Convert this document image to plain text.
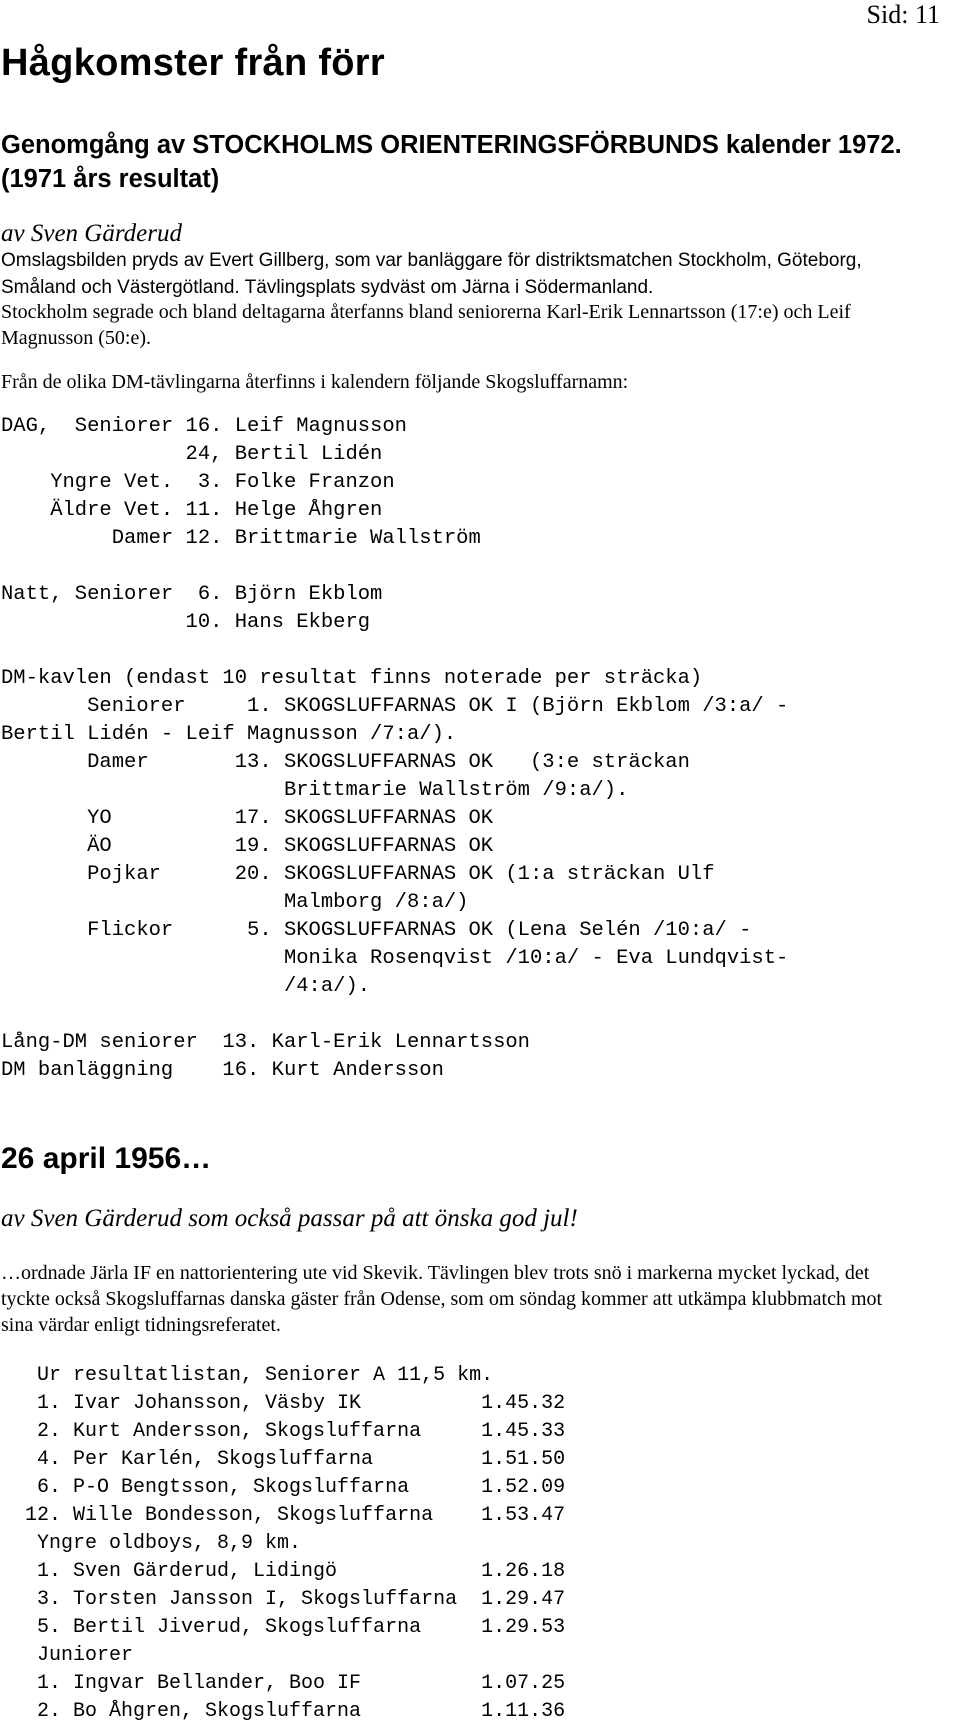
Sid: 11
Hågkomster från förr
Genomgång av STOCKHOLMS ORIENTERINGSFÖRBUNDS kalender 1972. (1971 års resultat)
av Sven Gärderud

Omslagsbilden pryds av Evert Gillberg, som var banläggare för distriktsmatchen Stockholm, Göteborg, Småland och Västergötland. Tävlingsplats sydväst om Järna i Södermanland.

Stockholm segrade och bland deltagarna återfanns bland seniorerna Karl-Erik Lennartsson (17:e) och Leif Magnusson (50:e).

Från de olika DM-tävlingarna återfinns i kalendern följande Skogsluffarnamn:

DAG,  Seniorer 16. Leif Magnusson
24, Bertil Lidén
Yngre Vet.  3. Folke Franzon
Äldre Vet. 11. Helge Åhgren
Damer 12. Brittmarie Wallström

Natt, Seniorer  6. Björn Ekblom
10. Hans Ekberg

DM-kavlen (endast 10 resultat finns noterade per sträcka)
Seniorer     1. SKOGSLUFFARNAS OK I (Björn Ekblom /3:a/ -
Bertil Lidén - Leif Magnusson /7:a/).
Damer       13. SKOGSLUFFARNAS OK   (3:e sträckan
Brittmarie Wallström /9:a/).
YO          17. SKOGSLUFFARNAS OK
ÄO          19. SKOGSLUFFARNAS OK
Pojkar      20. SKOGSLUFFARNAS OK (1:a sträckan Ulf
Malmborg /8:a/)
Flickor      5. SKOGSLUFFARNAS OK (Lena Selén /10:a/ -
Monika Rosenqvist /10:a/ - Eva Lundqvist-
/4:a/).

Lång-DM seniorer  13. Karl-Erik Lennartsson
DM banläggning    16. Kurt Andersson
26 april 1956…
av Sven Gärderud som också passar på att önska god jul!

…ordnade Järla IF en nattorientering ute vid Skevik. Tävlingen blev trots snö i markerna mycket lyckad, det tyckte också Skogsluffarnas danska gäster från Odense, som om söndag kommer att utkämpa klubbmatch mot sina värdar enligt tidningsreferatet.

Ur resultatlistan, Seniorer A 11,5 km.
1. Ivar Johansson, Väsby IK          1.45.32
2. Kurt Andersson, Skogsluffarna     1.45.33
4. Per Karlén, Skogsluffarna         1.51.50
6. P-O Bengtsson, Skogsluffarna      1.52.09
12. Wille Bondesson, Skogsluffarna    1.53.47
Yngre oldboys, 8,9 km.
1. Sven Gärderud, Lidingö            1.26.18
3. Torsten Jansson I, Skogsluffarna  1.29.47
5. Bertil Jiverud, Skogsluffarna     1.29.53
Juniorer
1. Ingvar Bellander, Boo IF          1.07.25
2. Bo Åhgren, Skogsluffarna          1.11.36
